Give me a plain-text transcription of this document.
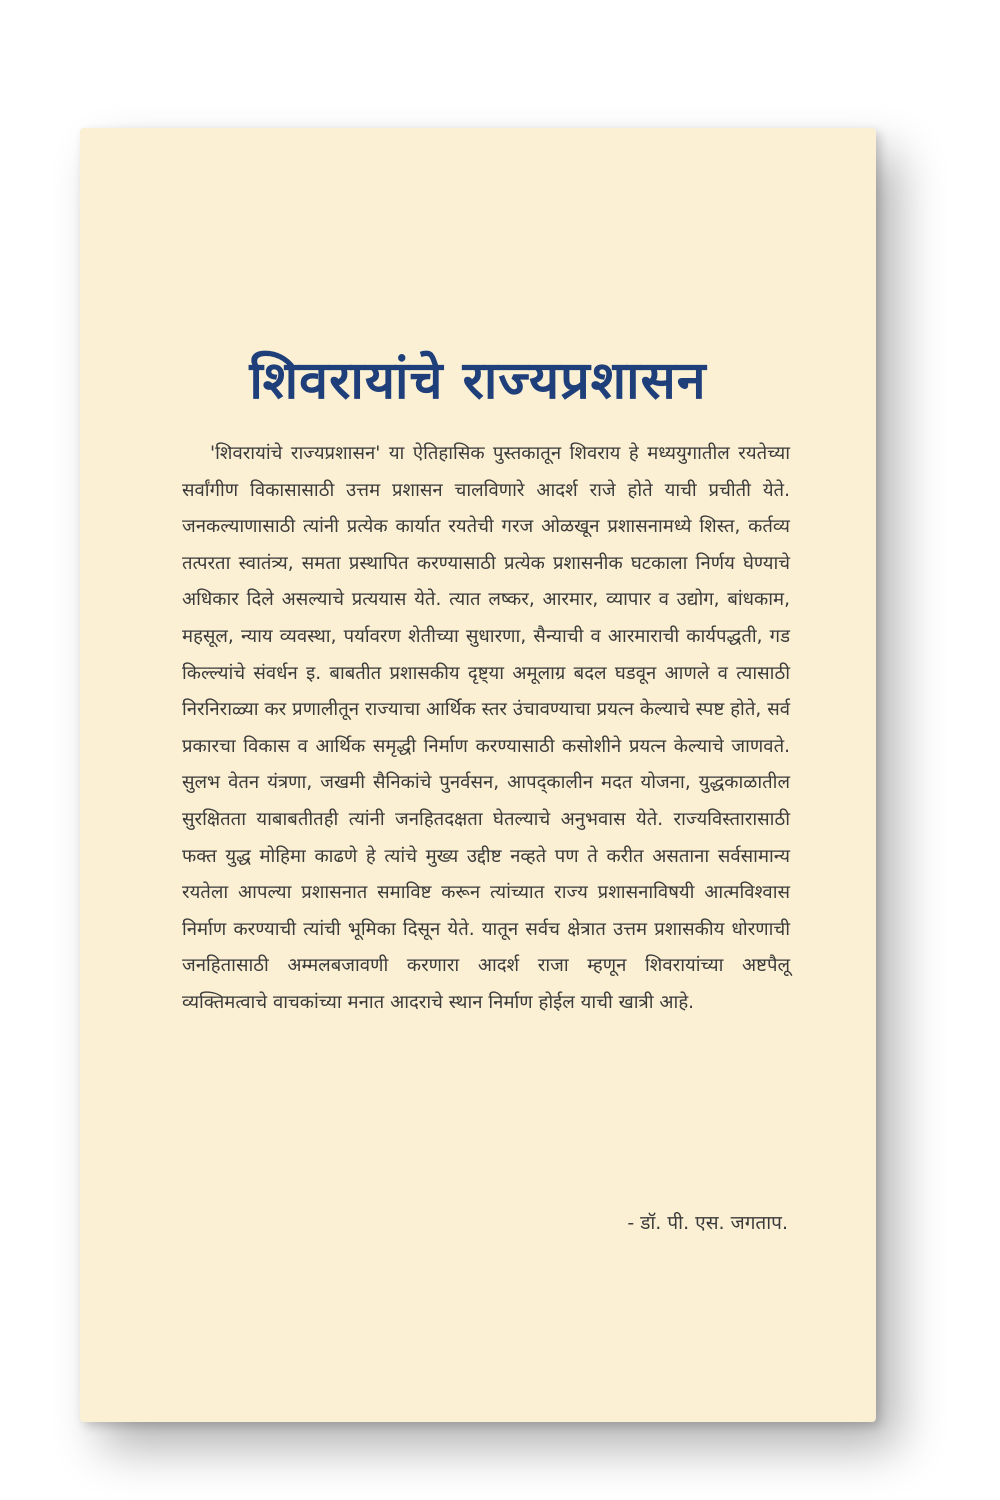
शिवरायांचे राज्यप्रशासन

'शिवरायांचे राज्यप्रशासन' या ऐतिहासिक पुस्तकातून शिवराय हे मध्ययुगातील रयतेच्या सर्वांगीण विकासासाठी उत्तम प्रशासन चालविणारे आदर्श राजे होते याची प्रचीती येते. जनकल्याणासाठी त्यांनी प्रत्येक कार्यात रयतेची गरज ओळखून प्रशासनामध्ये शिस्त, कर्तव्य तत्परता स्वातंत्र्य, समता प्रस्थापित करण्यासाठी प्रत्येक प्रशासनीक घटकाला निर्णय घेण्याचे अधिकार दिले असल्याचे प्रत्ययास येते. त्यात लष्कर, आरमार, व्यापार व उद्योग, बांधकाम, महसूल, न्याय व्यवस्था, पर्यावरण शेतीच्या सुधारणा, सैन्याची व आरमाराची कार्यपद्धती, गड किल्ल्यांचे संवर्धन इ. बाबतीत प्रशासकीय दृष्ट्या अमूलाग्र बदल घडवून आणले व त्यासाठी निरनिराळ्या कर प्रणालीतून राज्याचा आर्थिक स्तर उंचावण्याचा प्रयत्न केल्याचे स्पष्ट होते, सर्व प्रकारचा विकास व आर्थिक समृद्धी निर्माण करण्यासाठी कसोशीने प्रयत्न केल्याचे जाणवते. सुलभ वेतन यंत्रणा, जखमी सैनिकांचे पुनर्वसन, आपद्कालीन मदत योजना, युद्धकाळातील सुरक्षितता याबाबतीतही त्यांनी जनहितदक्षता घेतल्याचे अनुभवास येते. राज्यविस्तारासाठी फक्त युद्ध मोहिमा काढणे हे त्यांचे मुख्य उद्दीष्ट नव्हते पण ते करीत असताना सर्वसामान्य रयतेला आपल्या प्रशासनात समाविष्ट करून त्यांच्यात राज्य प्रशासनाविषयी आत्मविश्वास निर्माण करण्याची त्यांची भूमिका दिसून येते. यातून सर्वच क्षेत्रात उत्तम प्रशासकीय धोरणाची जनहितासाठी अम्मलबजावणी करणारा आदर्श राजा म्हणून शिवरायांच्या अष्टपैलू व्यक्तिमत्वाचे वाचकांच्या मनात आदराचे स्थान निर्माण होईल याची खात्री आहे.

- डॉ. पी. एस. जगताप.
